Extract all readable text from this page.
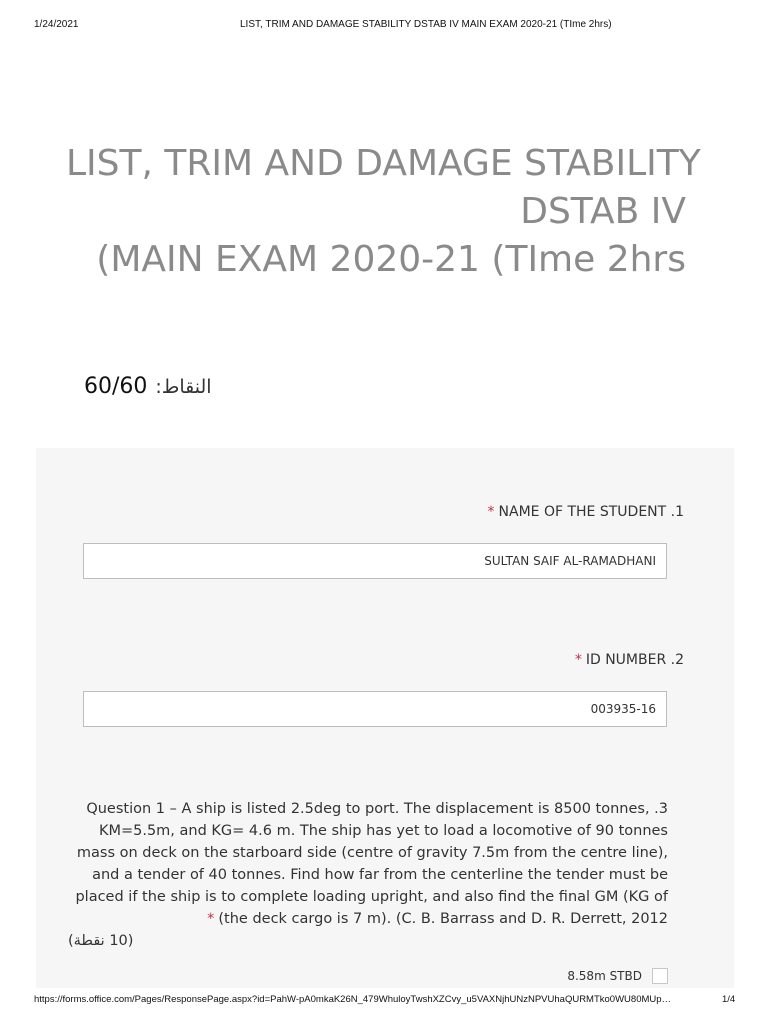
1/24/2021	LIST, TRIM AND DAMAGE STABILITY DSTAB IV MAIN EXAM 2020-21 (TIme 2hrs)
LIST, TRIM AND DAMAGE STABILITY
DSTAB IV
(MAIN EXAM 2020-21 (TIme 2hrs
60/60 النقاط:
* NAME OF THE STUDENT .1
SULTAN SAIF AL-RAMADHANI
* ID NUMBER .2
003935-16
Question 1 – A ship is listed 2.5deg to port. The displacement is 8500 tonnes, .3
KM=5.5m, and KG= 4.6 m. The ship has yet to load a locomotive of 90 tonnes
mass on deck on the starboard side (centre of gravity 7.5m from the centre line),
and a tender of 40 tonnes. Find how far from the centerline the tender must be
placed if the ship is to complete loading upright, and also find the final GM (KG of
* (the deck cargo is 7 m). (C. B. Barrass and D. R. Derrett, 2012
(10 نقطة)
8.58m STBD
https://forms.office.com/Pages/ResponsePage.aspx?id=PahW-pA0mkaK26N_479WhuloyTwshXZCvy_u5VAXNjhUNzNPVUhaQURMTko0WU80MUp…	1/4
